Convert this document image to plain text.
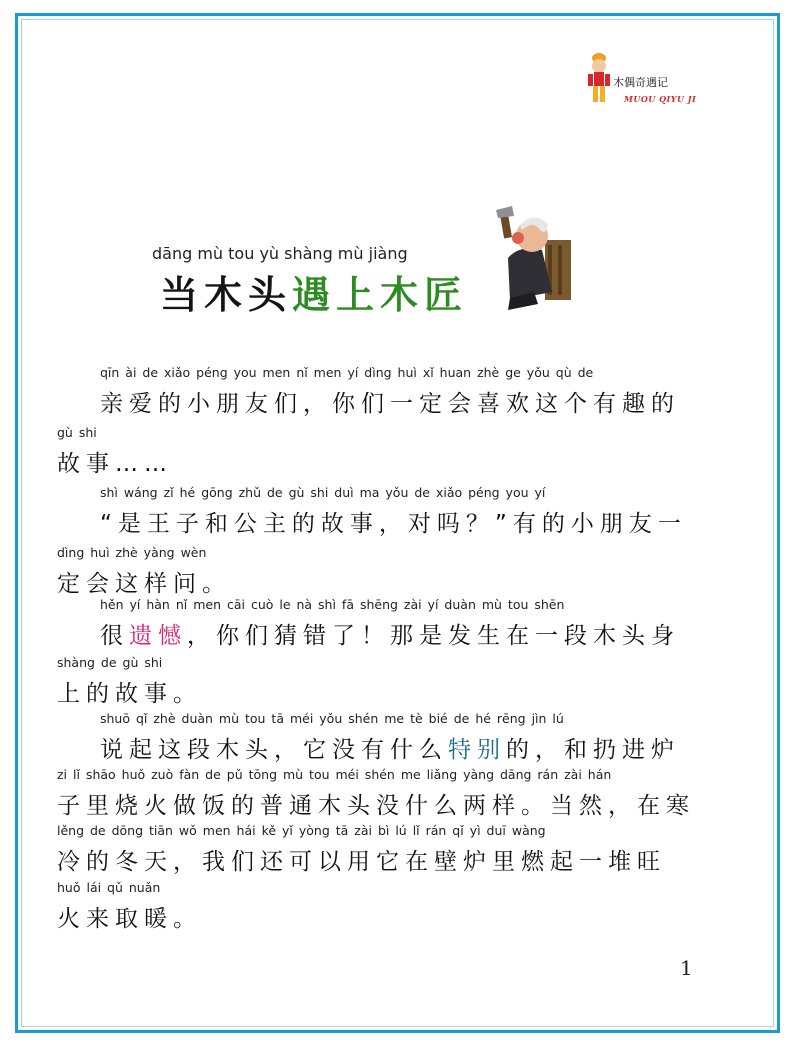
木偶奇遇记
MUOU QIYU JI
dāng mù tou yù shàng mù jiàng
当木头遇上木匠
qīn ài de xiǎo péng you men nǐ men yí dìng huì xǐ huan zhè ge yǒu qù de
亲爱的小朋友们，你们一定会喜欢这个有趣的
gù shi
故事……
shì wáng zǐ hé gōng zhǔ de gù shi duì ma yǒu de xiǎo péng you yí
“是王子和公主的故事，对吗？”有的小朋友一
dìng huì zhè yàng wèn
定会这样问。
hěn yí hàn nǐ men cāi cuò le nà shì fā shēng zài yí duàn mù tou shēn
很遗憾，你们猜错了！那是发生在一段木头身
shàng de gù shi
上的故事。
shuō qǐ zhè duàn mù tou tā méi yǒu shén me tè bié de hé rēng jìn lú
说起这段木头，它没有什么特别的，和扔进炉
zi lǐ shāo huǒ zuò fàn de pǔ tōng mù tou méi shén me liǎng yàng dāng rán zài hán
子里烧火做饭的普通木头没什么两样。当然，在寒
lěng de dōng tiān wǒ men hái kě yǐ yòng tā zài bì lú lǐ rán qǐ yì duī wàng
冷的冬天，我们还可以用它在壁炉里燃起一堆旺
huǒ lái qǔ nuǎn
火来取暖。
1
